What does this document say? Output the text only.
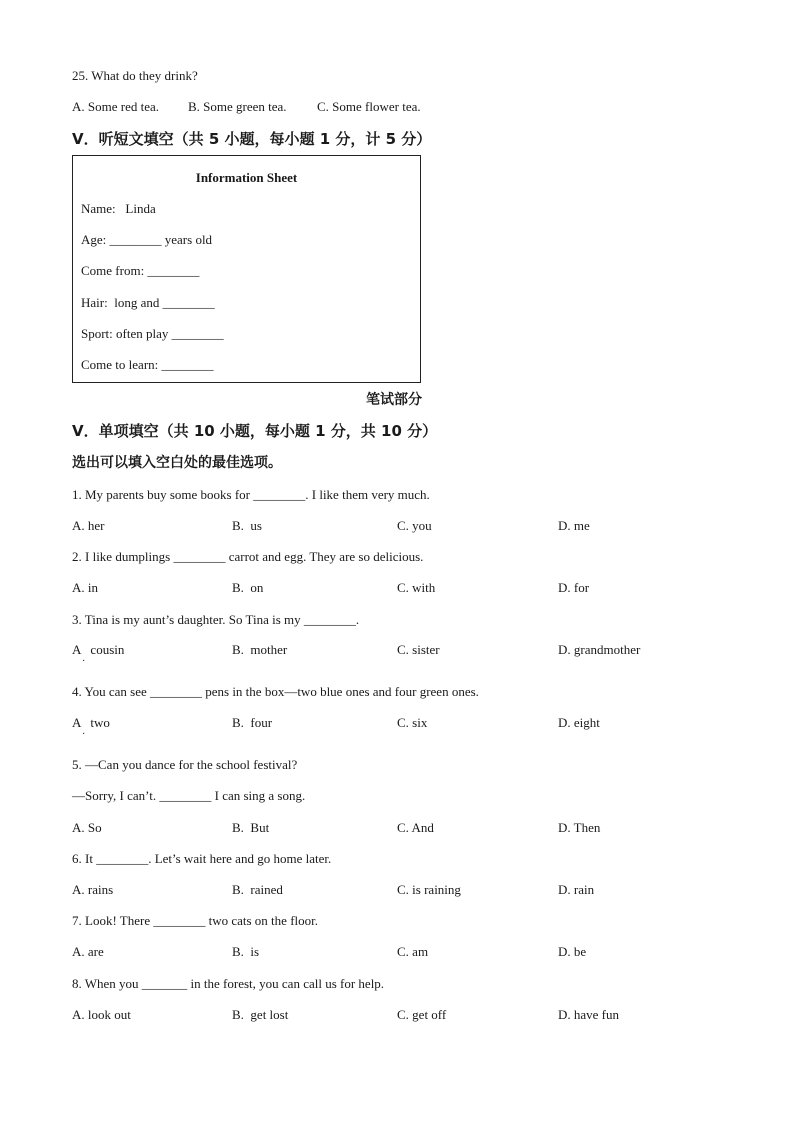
25. What do they drink?
A. Some red tea. B. Some green tea. C. Some flower tea.
V．听短文填空（共 5 小题，每小题 1 分，计 5 分）
Information Sheet
Name:   Linda
Age: ________ years old
Come from: ________
Hair:  long and ________
Sport: often play ________
Come to learn: ________
笔试部分
V．单项填空（共 10 小题，每小题 1 分，共 10 分）
选出可以填入空白处的最佳选项。
1. My parents buy some books for ________. I like them very much.
A. her	B.  us	C. you	D. me
2. I like dumplings ________ carrot and egg. They are so delicious.
A. in	B.  on	C. with	D. for
3. Tina is my aunt’s daughter. So Tina is my ________.
A   cousin	B.  mother	C. sister	D. grandmother
·
4. You can see ________ pens in the box—two blue ones and four green ones.
A   two	B.  four	C. six	D. eight
·
5. —Can you dance for the school festival?
—Sorry, I can’t. ________ I can sing a song.
A. So	B.  But	C. And	D. Then
6. It ________. Let’s wait here and go home later.
A. rains	B.  rained	C. is raining	D. rain
7. Look! There ________ two cats on the floor.
A. are	B.  is	C. am	D. be
8. When you _______ in the forest, you can call us for help.
A. look out	B.  get lost	C. get off	D. have fun
